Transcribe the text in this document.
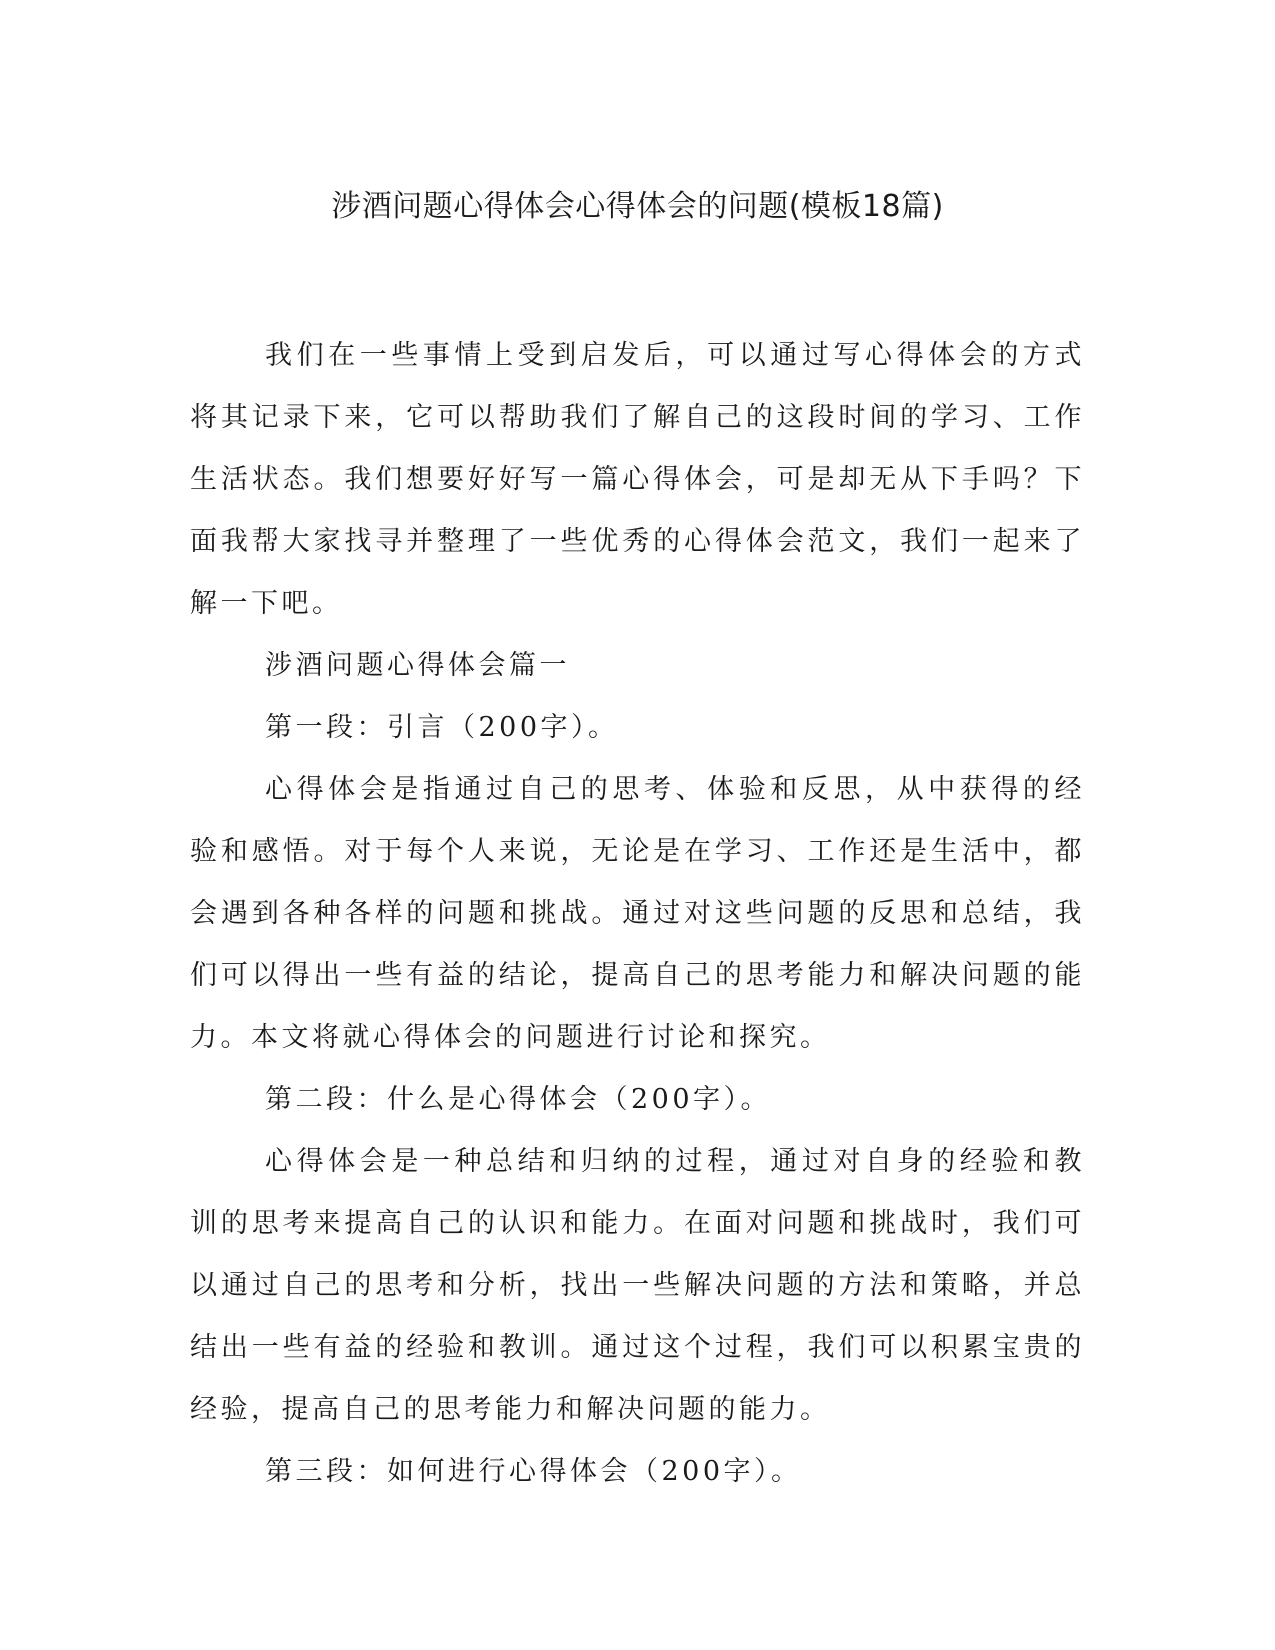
涉酒问题心得体会心得体会的问题(模板18篇)

我们在一些事情上受到启发后，可以通过写心得体会的方式将其记录下来，它可以帮助我们了解自己的这段时间的学习、工作生活状态。我们想要好好写一篇心得体会，可是却无从下手吗？下面我帮大家找寻并整理了一些优秀的心得体会范文，我们一起来了解一下吧。

涉酒问题心得体会篇一

第一段：引言（200字）。

心得体会是指通过自己的思考、体验和反思，从中获得的经验和感悟。对于每个人来说，无论是在学习、工作还是生活中，都会遇到各种各样的问题和挑战。通过对这些问题的反思和总结，我们可以得出一些有益的结论，提高自己的思考能力和解决问题的能力。本文将就心得体会的问题进行讨论和探究。

第二段：什么是心得体会（200字）。

心得体会是一种总结和归纳的过程，通过对自身的经验和教训的思考来提高自己的认识和能力。在面对问题和挑战时，我们可以通过自己的思考和分析，找出一些解决问题的方法和策略，并总结出一些有益的经验和教训。通过这个过程，我们可以积累宝贵的经验，提高自己的思考能力和解决问题的能力。

第三段：如何进行心得体会（200字）。
